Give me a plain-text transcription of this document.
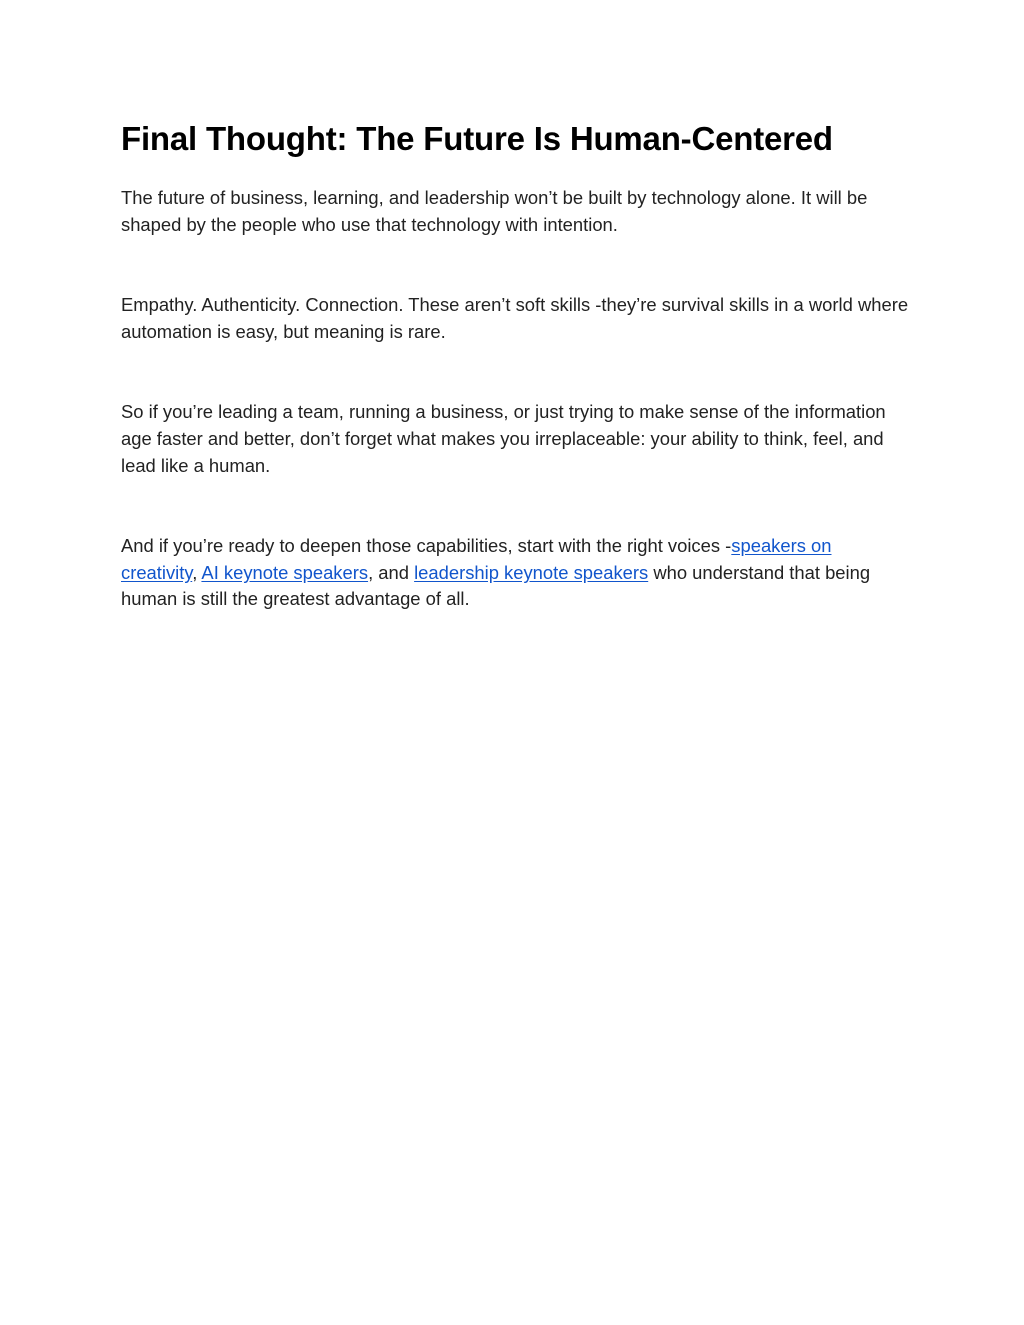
Final Thought: The Future Is Human-Centered

The future of business, learning, and leadership won’t be built by technology alone. It will be shaped by the people who use that technology with intention.

Empathy. Authenticity. Connection. These aren’t soft skills -they’re survival skills in a world where automation is easy, but meaning is rare.

So if you’re leading a team, running a business, or just trying to make sense of the information age faster and better, don’t forget what makes you irreplaceable: your ability to think, feel, and lead like a human.

And if you’re ready to deepen those capabilities, start with the right voices -speakers on creativity, AI keynote speakers, and leadership keynote speakers who understand that being human is still the greatest advantage of all.
